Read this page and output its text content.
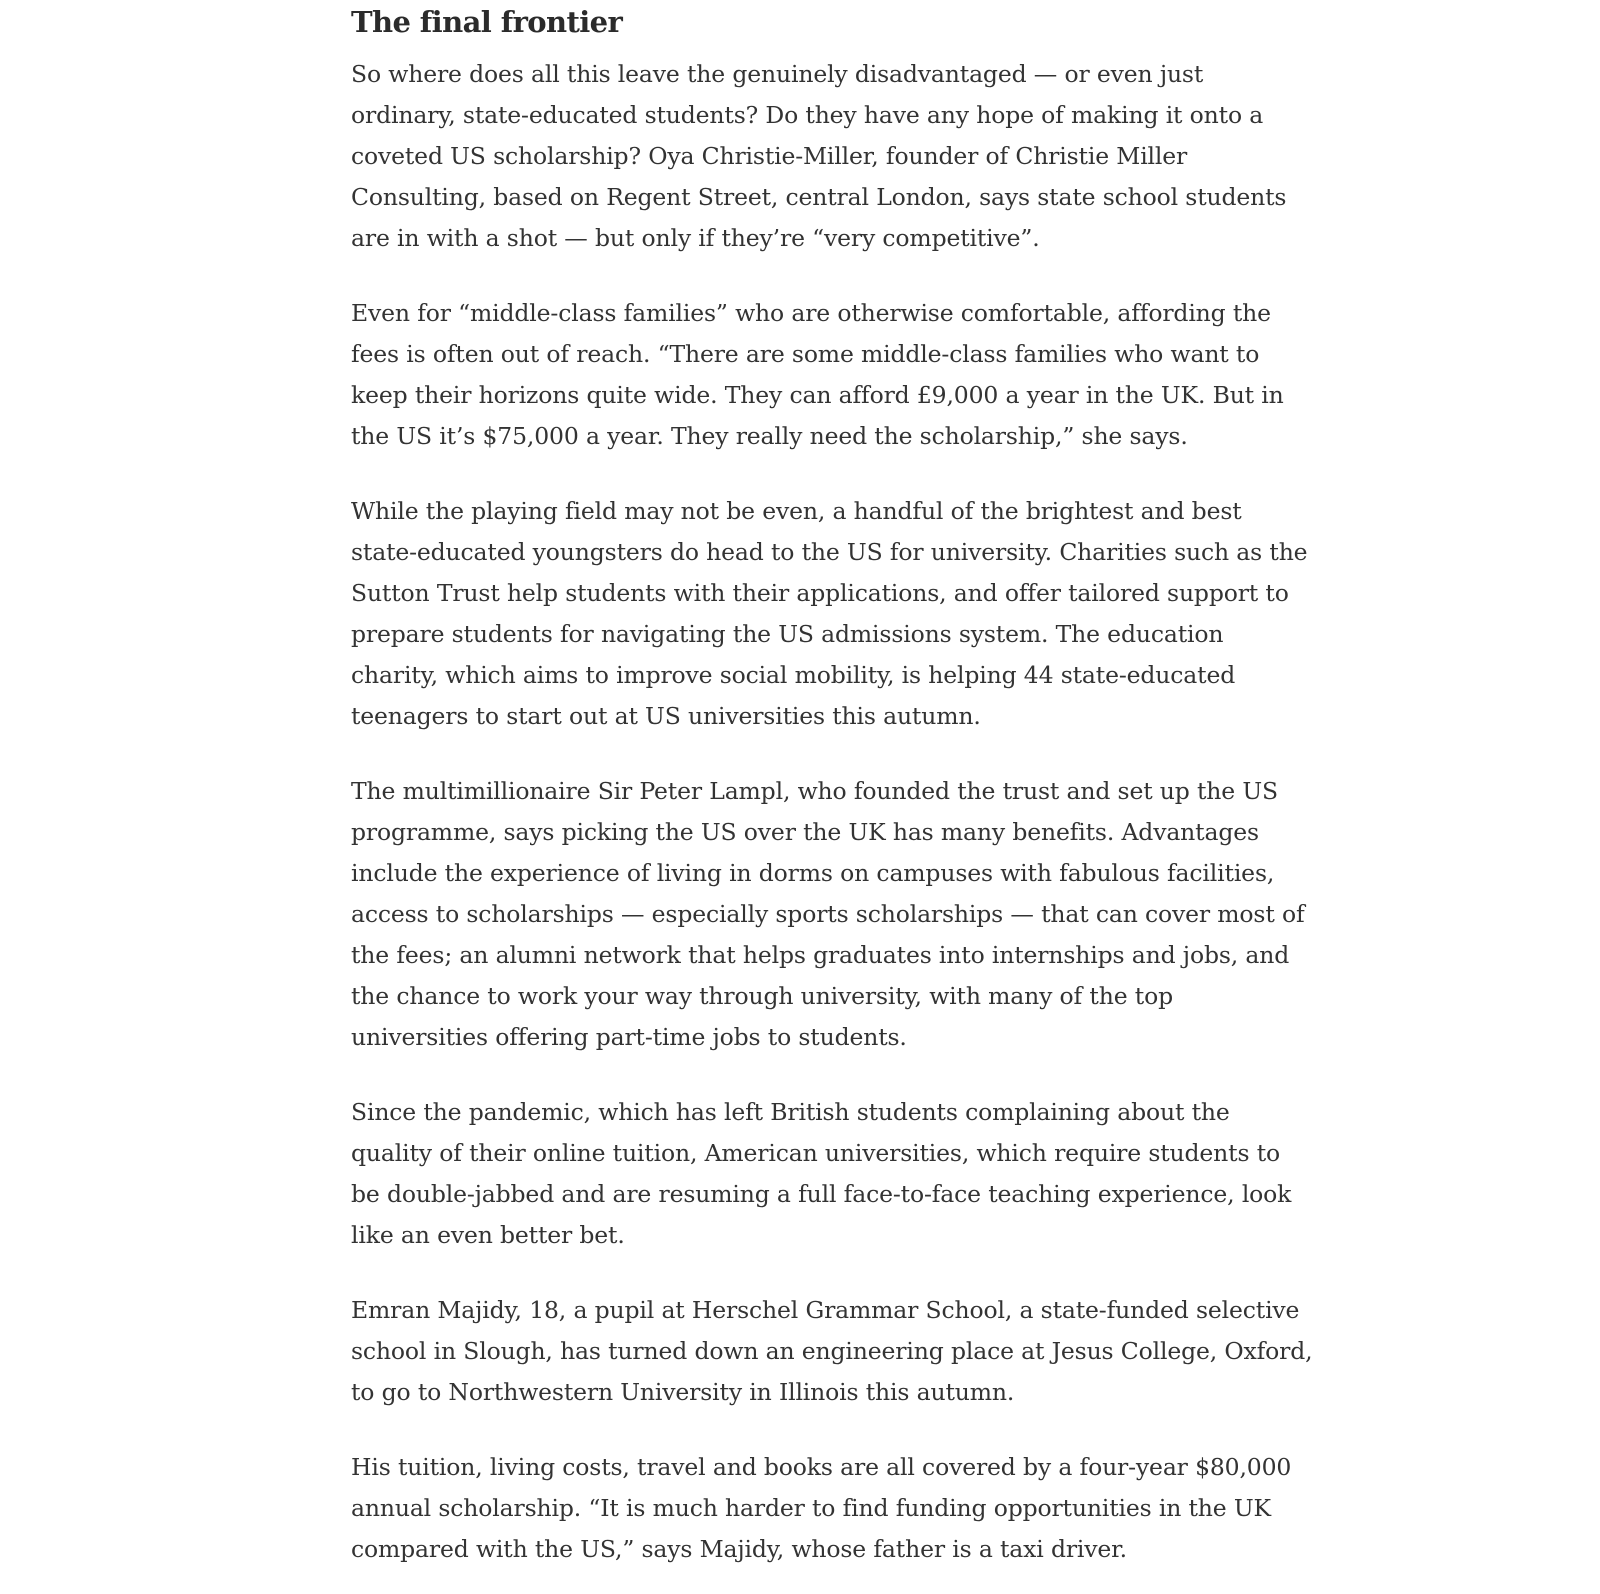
The final frontier

So where does all this leave the genuinely disadvantaged — or even just
ordinary, state-educated students? Do they have any hope of making it onto a
coveted US scholarship? Oya Christie-Miller, founder of Christie Miller
Consulting, based on Regent Street, central London, says state school students
are in with a shot — but only if they’re “very competitive”.

Even for “middle-class families” who are otherwise comfortable, affording the
fees is often out of reach. “There are some middle-class families who want to
keep their horizons quite wide. They can afford £9,000 a year in the UK. But in
the US it’s $75,000 a year. They really need the scholarship,” she says.

While the playing field may not be even, a handful of the brightest and best
state-educated youngsters do head to the US for university. Charities such as the
Sutton Trust help students with their applications, and offer tailored support to
prepare students for navigating the US admissions system. The education
charity, which aims to improve social mobility, is helping 44 state-educated
teenagers to start out at US universities this autumn.

The multimillionaire Sir Peter Lampl, who founded the trust and set up the US
programme, says picking the US over the UK has many benefits. Advantages
include the experience of living in dorms on campuses with fabulous facilities,
access to scholarships — especially sports scholarships — that can cover most of
the fees; an alumni network that helps graduates into internships and jobs, and
the chance to work your way through university, with many of the top
universities offering part-time jobs to students.

Since the pandemic, which has left British students complaining about the
quality of their online tuition, American universities, which require students to
be double-jabbed and are resuming a full face-to-face teaching experience, look
like an even better bet.

Emran Majidy, 18, a pupil at Herschel Grammar School, a state-funded selective
school in Slough, has turned down an engineering place at Jesus College, Oxford,
to go to Northwestern University in Illinois this autumn.

His tuition, living costs, travel and books are all covered by a four-year $80,000
annual scholarship. “It is much harder to find funding opportunities in the UK
compared with the US,” says Majidy, whose father is a taxi driver.
